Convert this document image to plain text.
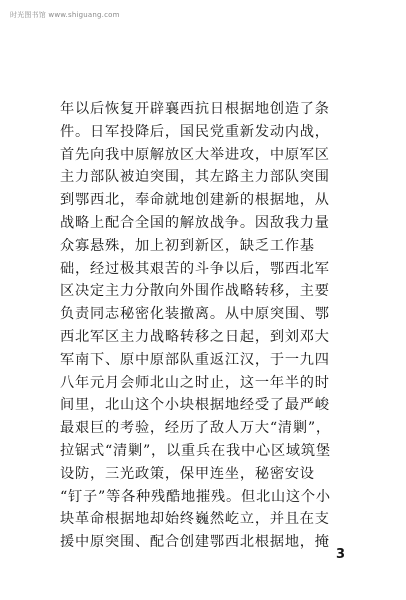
时光图书馆 www.shiguang.com
年以后恢复开辟襄西抗日根据地创造了条
件。日军投降后，国民党重新发动内战，
首先向我中原解放区大举进攻，中原军区
主力部队被迫突围，其左路主力部队突围
到鄂西北，奉命就地创建新的根据地，从
战略上配合全国的解放战争。因敌我力量
众寡悬殊，加上初到新区，缺乏工作基
础，经过极其艰苦的斗争以后，鄂西北军
区决定主力分散向外围作战略转移，主要
负责同志秘密化装撤离。从中原突围、鄂
西北军区主力战略转移之日起，到刘邓大
军南下、原中原部队重返江汉，于一九四
八年元月会师北山之时止，这一年半的时
间里，北山这个小块根据地经受了最严峻
最艰巨的考验，经历了敌人万大“清剿”，
拉锯式“清剿”，以重兵在我中心区域筑堡
设防，三光政策，保甲连坐，秘密安设
“钉子”等各种残酷地摧残。但北山这个小
块革命根据地却始终巍然屹立，并且在支
援中原突围、配合创建鄂西北根据地，掩
3
